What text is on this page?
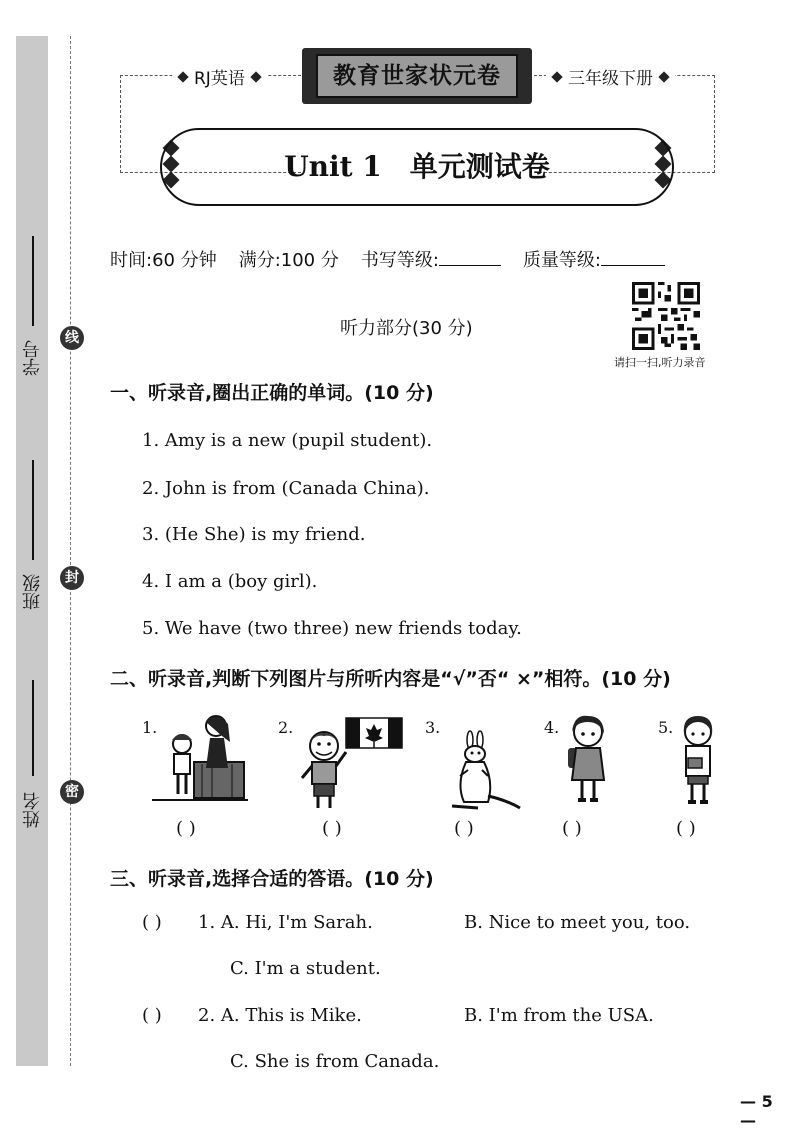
学号
班级
姓名
线
封
密
RJ英语	三年级下册
教育世家状元卷
Unit 1 单元测试卷
时间:60 分钟 满分:100 分 书写等级:	质量等级:
请扫一扫,听力录音
听力部分(30 分)
一、听录音,圈出正确的单词。(10 分)
1. Amy is a new (pupil student).
2. John is from (Canada China).
3. (He She) is my friend.
4. I am a (boy girl).
5. We have (two three) new friends today.
二、听录音,判断下列图片与所听内容是“√”否“ ×”相符。(10 分)
1.	2.	3.	4.	5.
( )	( )	( )	( )	( )
三、听录音,选择合适的答语。(10 分)
( ) 1. A. Hi, I'm Sarah.	B. Nice to meet you, too.
C. I'm a student.
( ) 2. A. This is Mike.	B. I'm from the USA.
C. She is from Canada.
— 5 —
